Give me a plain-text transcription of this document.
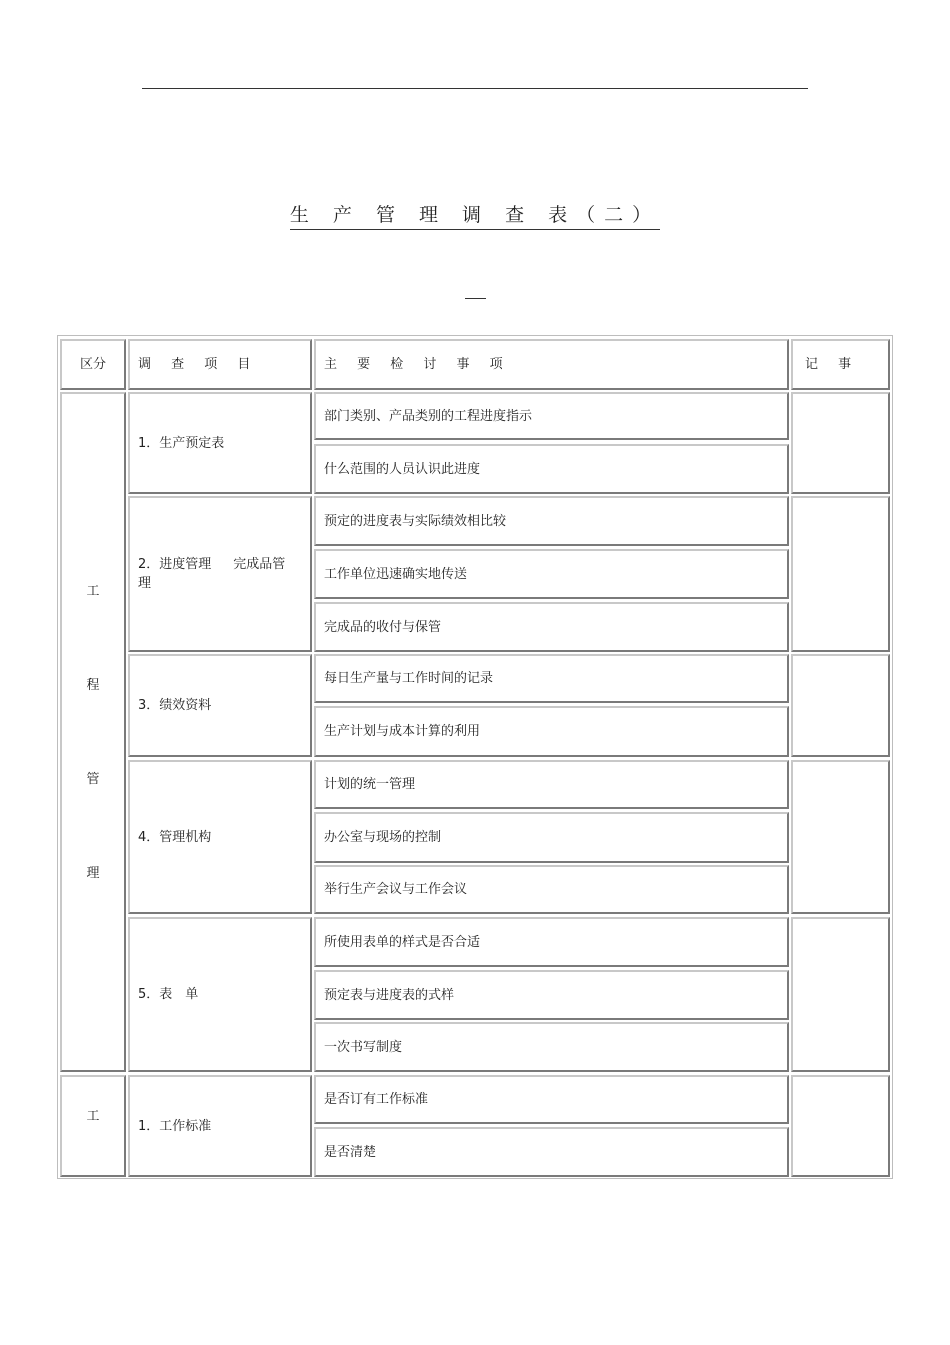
生 产 管 理 调 查 表（二）
区分 调 查 项 目	主 要 检 讨 事 项	记 事
工
程
管
理
1．生产预定表
部门类别、产品类别的工程进度指示
什么范围的人员认识此进度
2．进度管理 完成品管
理
预定的进度表与实际绩效相比较
工作单位迅速确实地传送
完成品的收付与保管
3．绩效资料
每日生产量与工作时间的记录
生产计划与成本计算的利用
4．管理机构
计划的统一管理
办公室与现场的控制
举行生产会议与工作会议
5．表　单
所使用表单的样式是否合适
预定表与进度表的式样
一次书写制度
工
1．工作标准
是否订有工作标准
是否清楚
